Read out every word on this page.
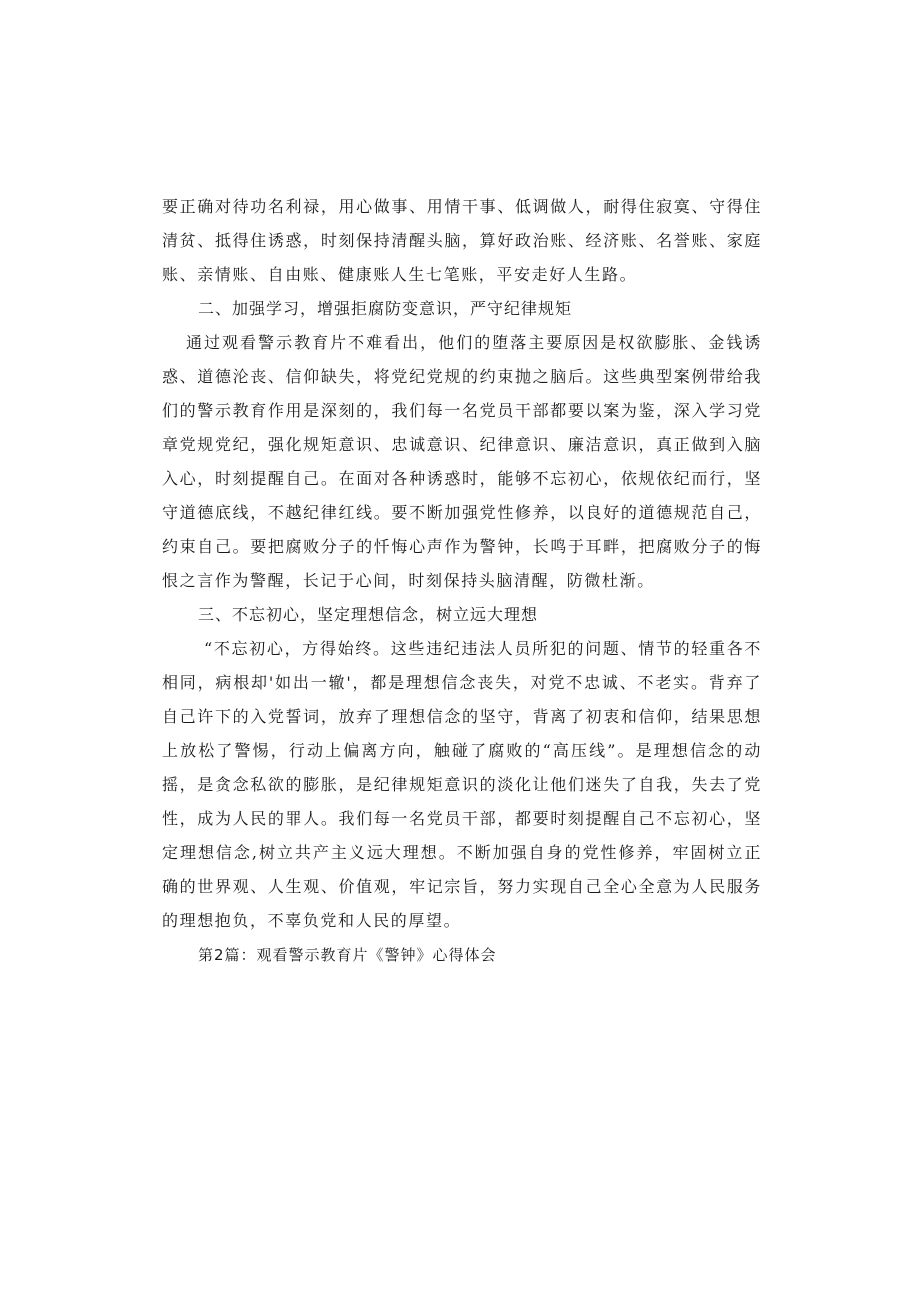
要正确对待功名利禄，用心做事、用情干事、低调做人，耐得住寂寞、守得住清贫、抵得住诱惑，时刻保持清醒头脑，算好政治账、经济账、名誉账、家庭账、亲情账、自由账、健康账人生七笔账，平安走好人生路。

二、加强学习，增强拒腐防变意识，严守纪律规矩

通过观看警示教育片不难看出，他们的堕落主要原因是权欲膨胀、金钱诱惑、道德沦丧、信仰缺失，将党纪党规的约束抛之脑后。这些典型案例带给我们的警示教育作用是深刻的，我们每一名党员干部都要以案为鉴，深入学习党章党规党纪，强化规矩意识、忠诚意识、纪律意识、廉洁意识，真正做到入脑入心，时刻提醒自己。在面对各种诱惑时，能够不忘初心，依规依纪而行，坚守道德底线，不越纪律红线。要不断加强党性修养，以良好的道德规范自己，约束自己。要把腐败分子的忏悔心声作为警钟，长鸣于耳畔，把腐败分子的悔恨之言作为警醒，长记于心间，时刻保持头脑清醒，防微杜渐。

三、不忘初心，坚定理想信念，树立远大理想

“不忘初心，方得始终。这些违纪违法人员所犯的问题、情节的轻重各不相同，病根却'如出一辙'，都是理想信念丧失，对党不忠诚、不老实。背弃了自己许下的入党誓词，放弃了理想信念的坚守，背离了初衷和信仰，结果思想上放松了警惕，行动上偏离方向，触碰了腐败的“高压线”。是理想信念的动摇，是贪念私欲的膨胀，是纪律规矩意识的淡化让他们迷失了自我，失去了党性，成为人民的罪人。我们每一名党员干部，都要时刻提醒自己不忘初心，坚定理想信念,树立共产主义远大理想。不断加强自身的党性修养，牢固树立正确的世界观、人生观、价值观，牢记宗旨，努力实现自己全心全意为人民服务的理想抱负，不辜负党和人民的厚望。

第2篇：观看警示教育片《警钟》心得体会
